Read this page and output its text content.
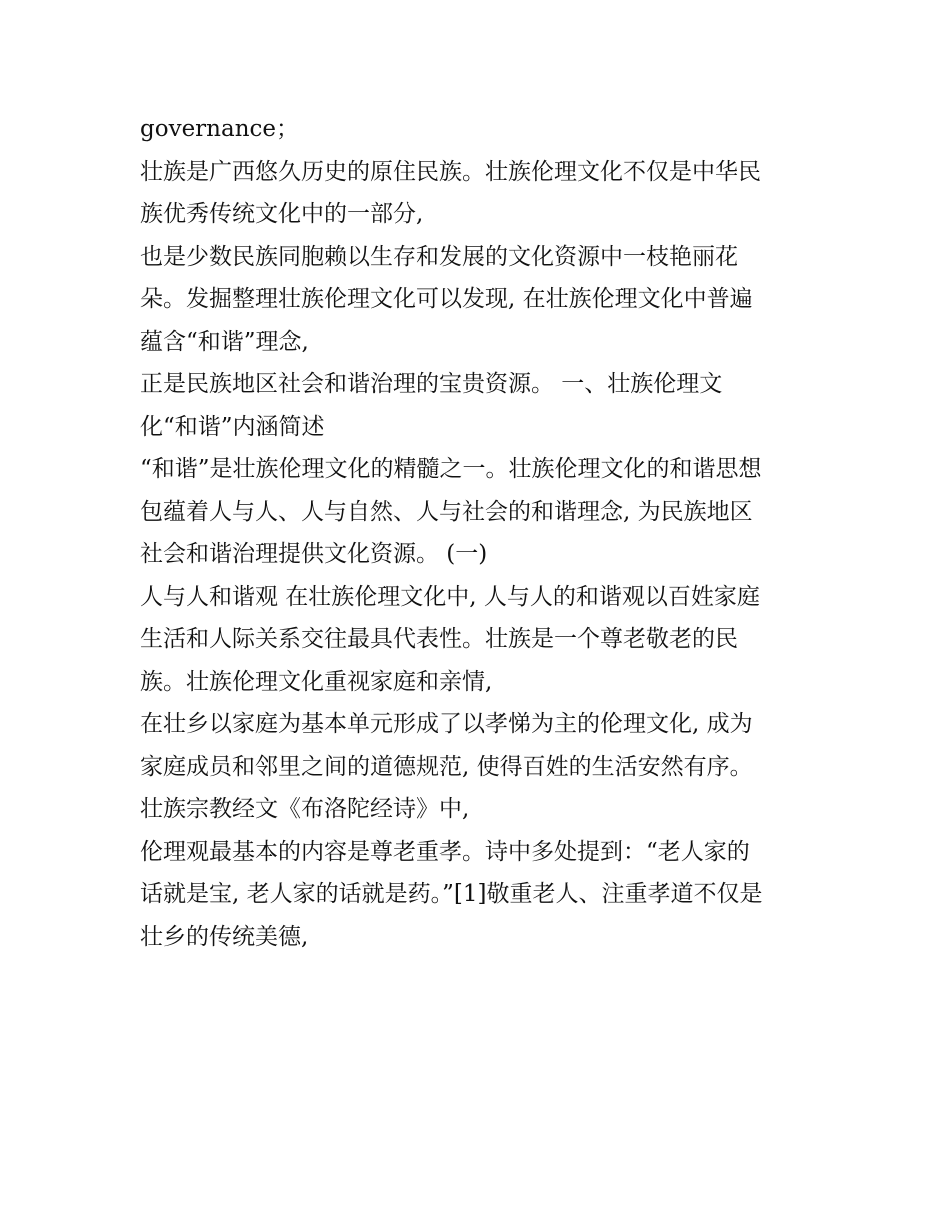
governance；
壮族是广西悠久历史的原住民族。壮族伦理文化不仅是中华民
族优秀传统文化中的一部分,
也是少数民族同胞赖以生存和发展的文化资源中一枝艳丽花
朵。发掘整理壮族伦理文化可以发现, 在壮族伦理文化中普遍
蕴含“和谐”理念,
正是民族地区社会和谐治理的宝贵资源。 一、壮族伦理文
化“和谐”内涵简述
“和谐”是壮族伦理文化的精髓之一。壮族伦理文化的和谐思想
包蕴着人与人、人与自然、人与社会的和谐理念, 为民族地区
社会和谐治理提供文化资源。 (一)
人与人和谐观 在壮族伦理文化中, 人与人的和谐观以百姓家庭
生活和人际关系交往最具代表性。壮族是一个尊老敬老的民
族。壮族伦理文化重视家庭和亲情,
在壮乡以家庭为基本单元形成了以孝悌为主的伦理文化, 成为
家庭成员和邻里之间的道德规范, 使得百姓的生活安然有序。
壮族宗教经文《布洛陀经诗》中,
伦理观最基本的内容是尊老重孝。诗中多处提到：“老人家的
话就是宝, 老人家的话就是药。”[1]敬重老人、注重孝道不仅是
壮乡的传统美德,
